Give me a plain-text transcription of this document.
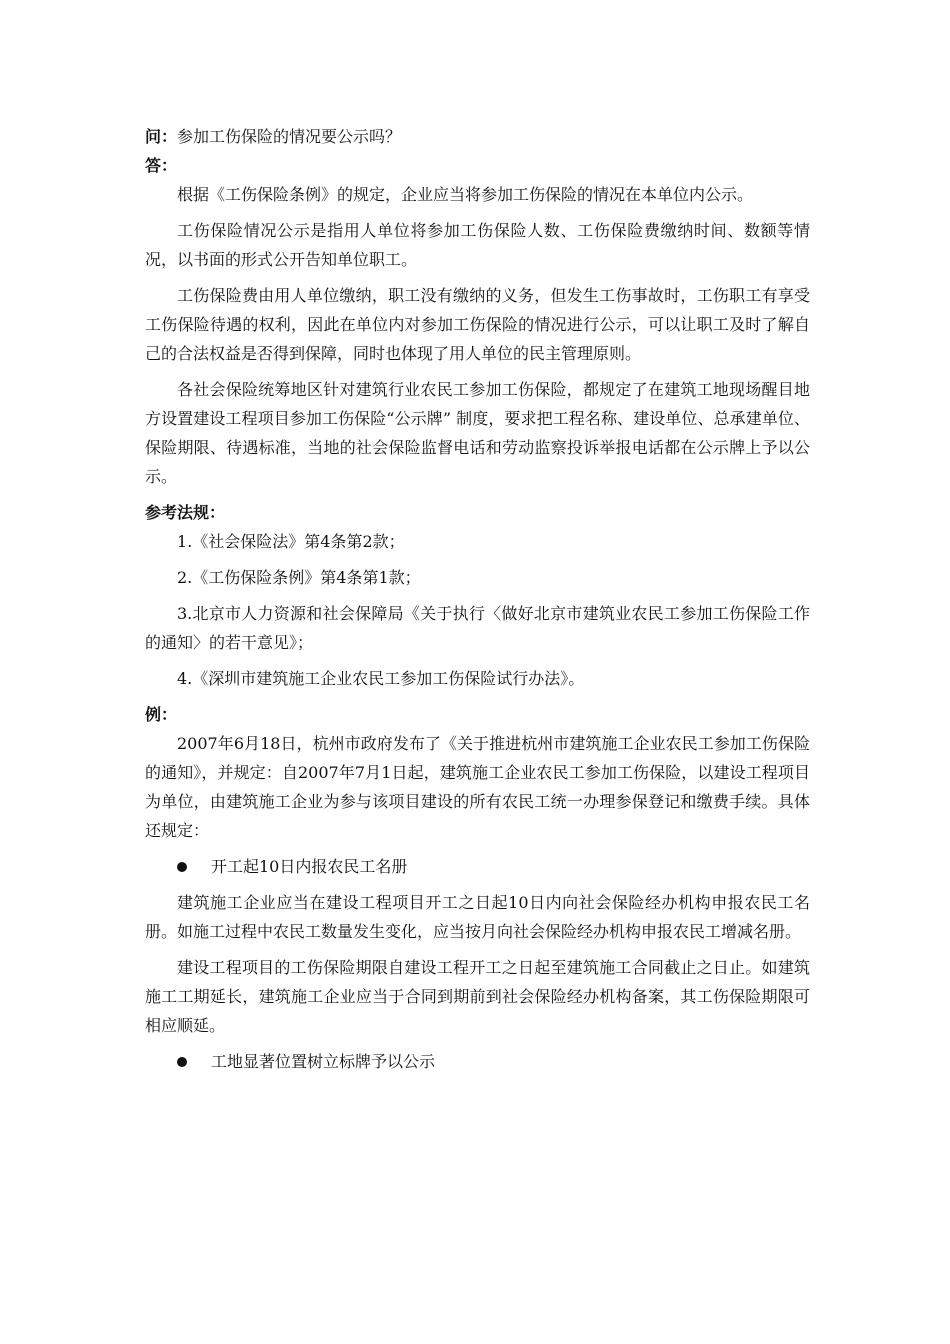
问：参加工伤保险的情况要公示吗？
答：

根据《工伤保险条例》的规定，企业应当将参加工伤保险的情况在本单位内公示。

工伤保险情况公示是指用人单位将参加工伤保险人数、工伤保险费缴纳时间、数额等情况，以书面的形式公开告知单位职工。

工伤保险费由用人单位缴纳，职工没有缴纳的义务，但发生工伤事故时，工伤职工有享受工伤保险待遇的权利，因此在单位内对参加工伤保险的情况进行公示，可以让职工及时了解自己的合法权益是否得到保障，同时也体现了用人单位的民主管理原则。

各社会保险统筹地区针对建筑行业农民工参加工伤保险，都规定了在建筑工地现场醒目地方设置建设工程项目参加工伤保险“公示牌” 制度，要求把工程名称、建设单位、总承建单位、保险期限、待遇标准，当地的社会保险监督电话和劳动监察投诉举报电话都在公示牌上予以公示。

参考法规：

1.《社会保险法》第4条第2款；

2.《工伤保险条例》第4条第1款；

3.北京市人力资源和社会保障局《关于执行〈做好北京市建筑业农民工参加工伤保险工作的通知〉的若干意见》；

4.《深圳市建筑施工企业农民工参加工伤保险试行办法》。

例：

2007年6月18日，杭州市政府发布了《关于推进杭州市建筑施工企业农民工参加工伤保险的通知》，并规定：自2007年7月1日起，建筑施工企业农民工参加工伤保险，以建设工程项目为单位，由建筑施工企业为参与该项目建设的所有农民工统一办理参保登记和缴费手续。具体还规定：

开工起10日内报农民工名册

建筑施工企业应当在建设工程项目开工之日起10日内向社会保险经办机构申报农民工名册。如施工过程中农民工数量发生变化，应当按月向社会保险经办机构申报农民工增减名册。

建设工程项目的工伤保险期限自建设工程开工之日起至建筑施工合同截止之日止。如建筑施工工期延长，建筑施工企业应当于合同到期前到社会保险经办机构备案，其工伤保险期限可相应顺延。

工地显著位置树立标牌予以公示
